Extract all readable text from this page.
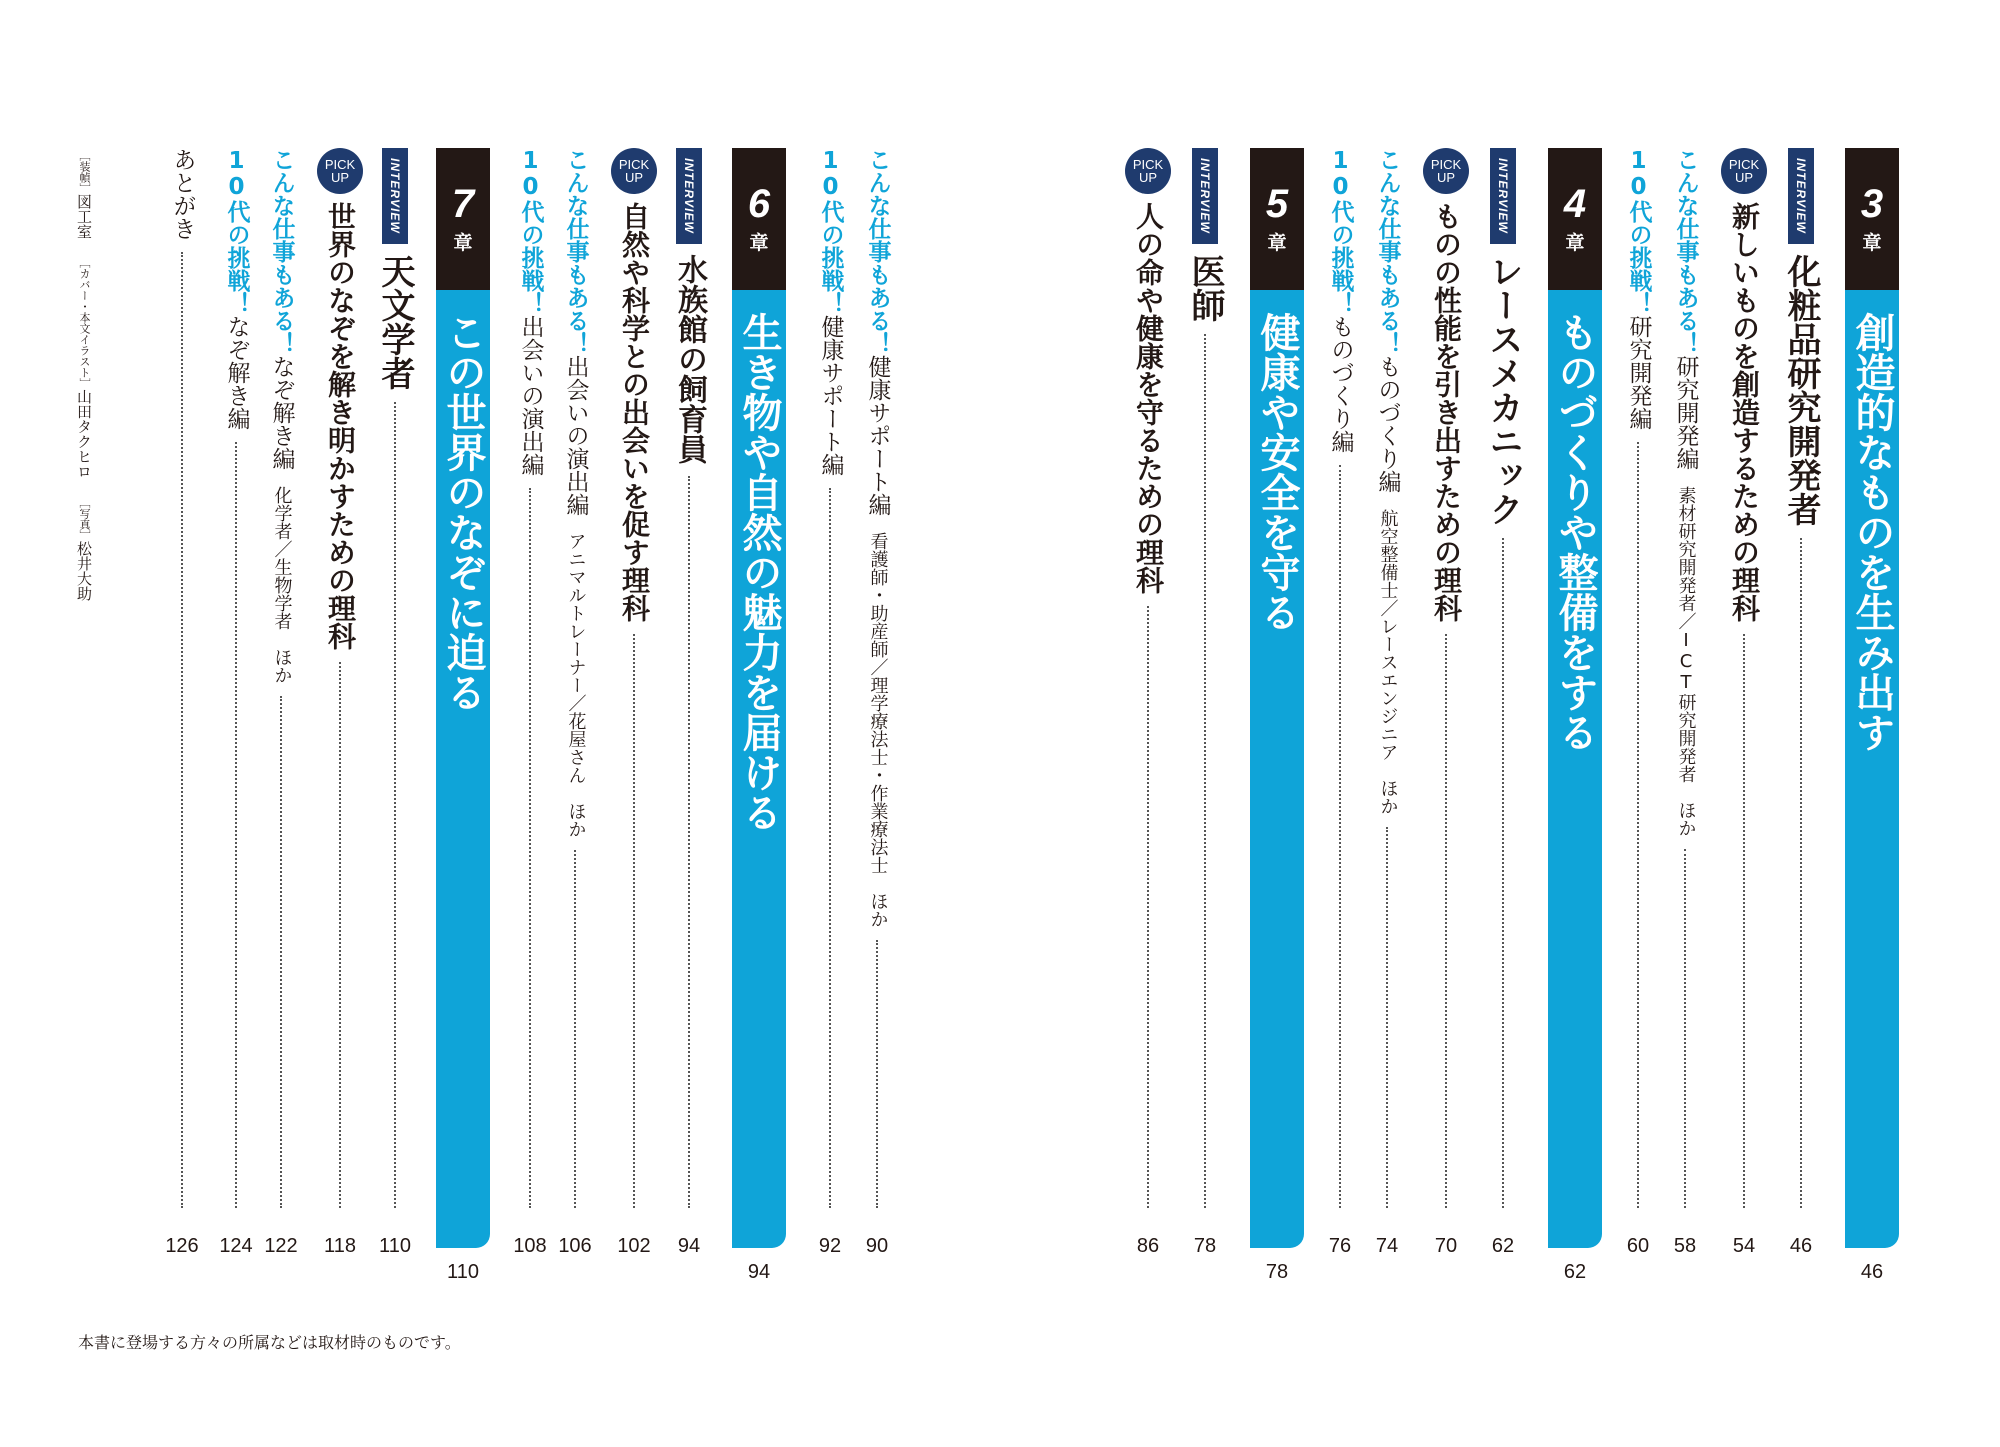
3
章
創造的なものを生み出す
46
INTERVIEW
化粧品研究開発者
46
PICK
UP
新しいものを創造するための理科
54
こんな仕事もある！研究開発編素材研究開発者／ICT研究開発者　ほか
58
10代の挑戦！研究開発編
60
4
章
ものづくりや整備をする
62
INTERVIEW
レースメカニック
62
PICK
UP
ものの性能を引き出すための理科
70
こんな仕事もある！ものづくり編航空整備士／レースエンジニア　ほか
74
10代の挑戦！ものづくり編
76
5
章
健康や安全を守る
78
INTERVIEW
医師
78
PICK
UP
人の命や健康を守るための理科
86
こんな仕事もある！健康サポート編看護師・助産師／理学療法士・作業療法士　ほか
90
10代の挑戦！健康サポート編
92
6
章
生き物や自然の魅力を届ける
94
INTERVIEW
水族館の飼育員
94
PICK
UP
自然や科学との出会いを促す理科
102
こんな仕事もある！出会いの演出編アニマルトレーナー／花屋さん　ほか
106
10代の挑戦！出会いの演出編
108
7
章
この世界のなぞに迫る
110
INTERVIEW
天文学者
110
PICK
UP
世界のなぞを解き明かすための理科
118
こんな仕事もある！なぞ解き編化学者／生物学者　ほか
122
10代の挑戦！なぞ解き編
124
あとがき
126
［装幀］図工室［カバー・本文イラスト］山田タクヒロ［写真］松井大助
本書に登場する方々の所属などは取材時のものです。
